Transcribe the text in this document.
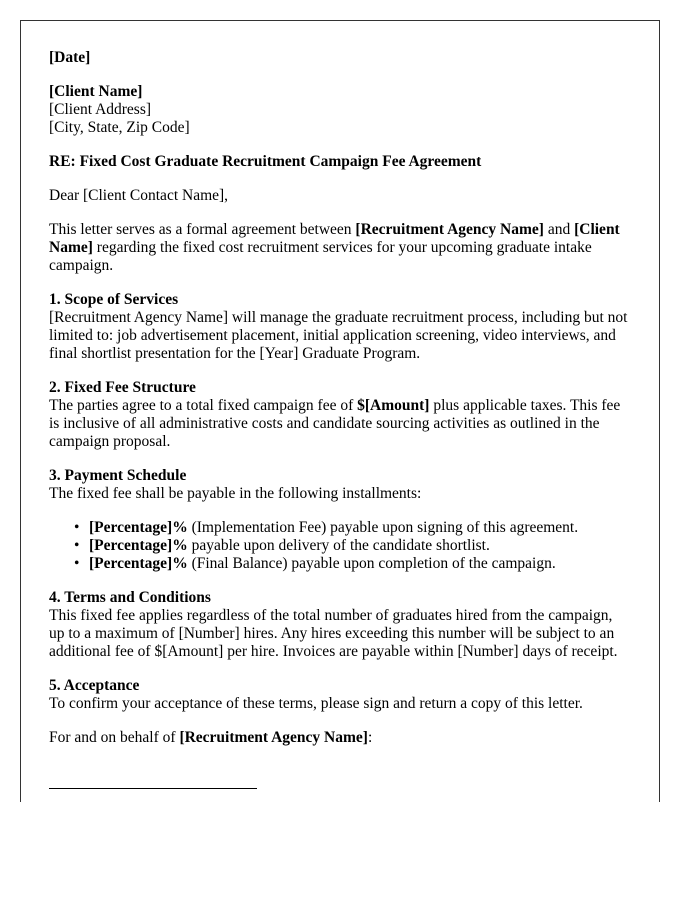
[Date]

[Client Name]
[Client Address]
[City, State, Zip Code]

RE: Fixed Cost Graduate Recruitment Campaign Fee Agreement

Dear [Client Contact Name],

This letter serves as a formal agreement between [Recruitment Agency Name] and [Client Name] regarding the fixed cost recruitment services for your upcoming graduate intake campaign.

1. Scope of Services
[Recruitment Agency Name] will manage the graduate recruitment process, including but not limited to: job advertisement placement, initial application screening, video interviews, and final shortlist presentation for the [Year] Graduate Program.

2. Fixed Fee Structure
The parties agree to a total fixed campaign fee of $[Amount] plus applicable taxes. This fee is inclusive of all administrative costs and candidate sourcing activities as outlined in the campaign proposal.

3. Payment Schedule
The fixed fee shall be payable in the following installments:
• [Percentage]% (Implementation Fee) payable upon signing of this agreement.
• [Percentage]% payable upon delivery of the candidate shortlist.
• [Percentage]% (Final Balance) payable upon completion of the campaign.

4. Terms and Conditions
This fixed fee applies regardless of the total number of graduates hired from the campaign, up to a maximum of [Number] hires. Any hires exceeding this number will be subject to an additional fee of $[Amount] per hire. Invoices are payable within [Number] days of receipt.

5. Acceptance
To confirm your acceptance of these terms, please sign and return a copy of this letter.

For and on behalf of [Recruitment Agency Name]:
